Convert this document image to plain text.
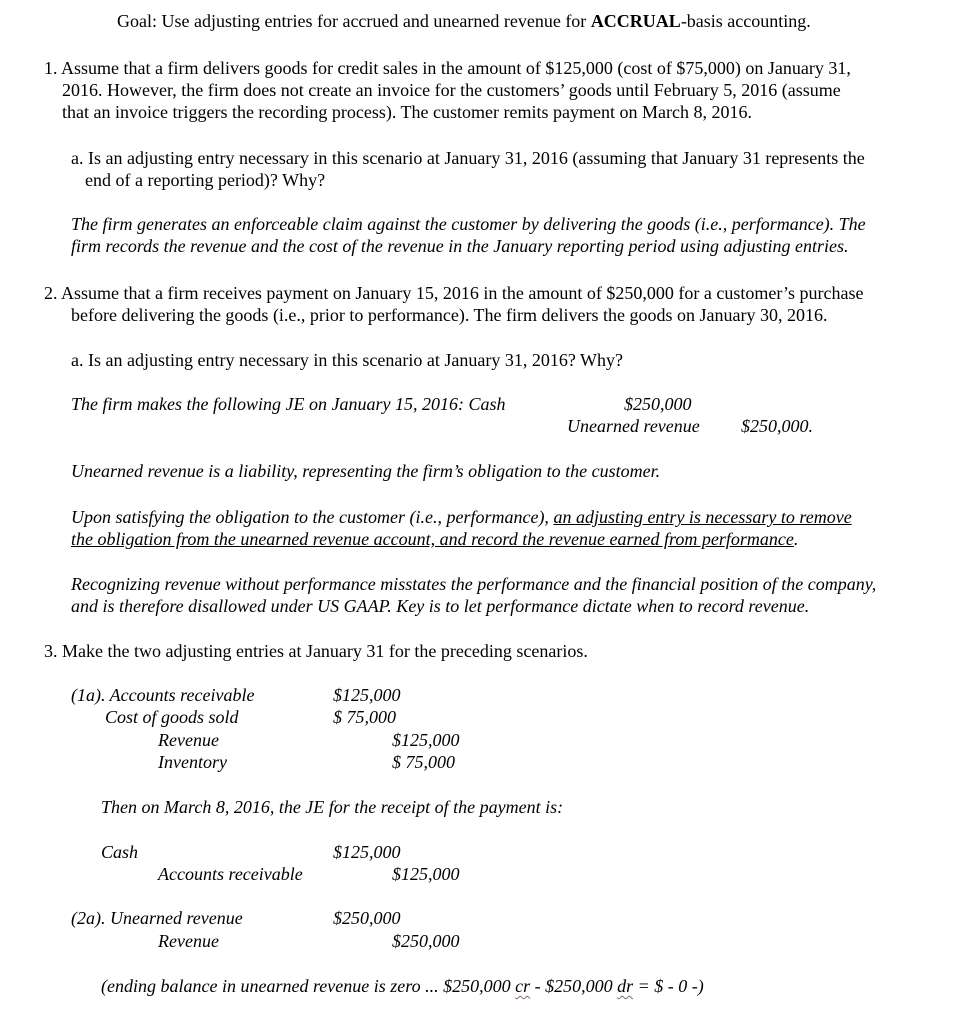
Goal: Use adjusting entries for accrued and unearned revenue for ACCRUAL-basis accounting.
1. Assume that a firm delivers goods for credit sales in the amount of $125,000 (cost of $75,000) on January 31,
2016. However, the firm does not create an invoice for the customers’ goods until February 5, 2016 (assume
that an invoice triggers the recording process). The customer remits payment on March 8, 2016.
a. Is an adjusting entry necessary in this scenario at January 31, 2016 (assuming that January 31 represents the
end of a reporting period)? Why?
The firm generates an enforceable claim against the customer by delivering the goods (i.e., performance). The
firm records the revenue and the cost of the revenue in the January reporting period using adjusting entries.
2. Assume that a firm receives payment on January 15, 2016 in the amount of $250,000 for a customer’s purchase
before delivering the goods (i.e., prior to performance). The firm delivers the goods on January 30, 2016.
a. Is an adjusting entry necessary in this scenario at January 31, 2016? Why?
The firm makes the following JE on January 15, 2016: Cash	$250,000
Unearned revenue $250,000.
Unearned revenue is a liability, representing the firm’s obligation to the customer.
Upon satisfying the obligation to the customer (i.e., performance), an adjusting entry is necessary to remove
the obligation from the unearned revenue account, and record the revenue earned from performance.
Recognizing revenue without performance misstates the performance and the financial position of the company,
and is therefore disallowed under US GAAP. Key is to let performance dictate when to record revenue.
3. Make the two adjusting entries at January 31 for the preceding scenarios.
(1a). Accounts receivable	$125,000
Cost of goods sold	$ 75,000
Revenue	$125,000
Inventory	$ 75,000
Then on March 8, 2016, the JE for the receipt of the payment is:
Cash	$125,000
Accounts receivable	$125,000
(2a). Unearned revenue	$250,000
Revenue	$250,000
(ending balance in unearned revenue is zero ... $250,000 cr - $250,000 dr = $ - 0 -)
